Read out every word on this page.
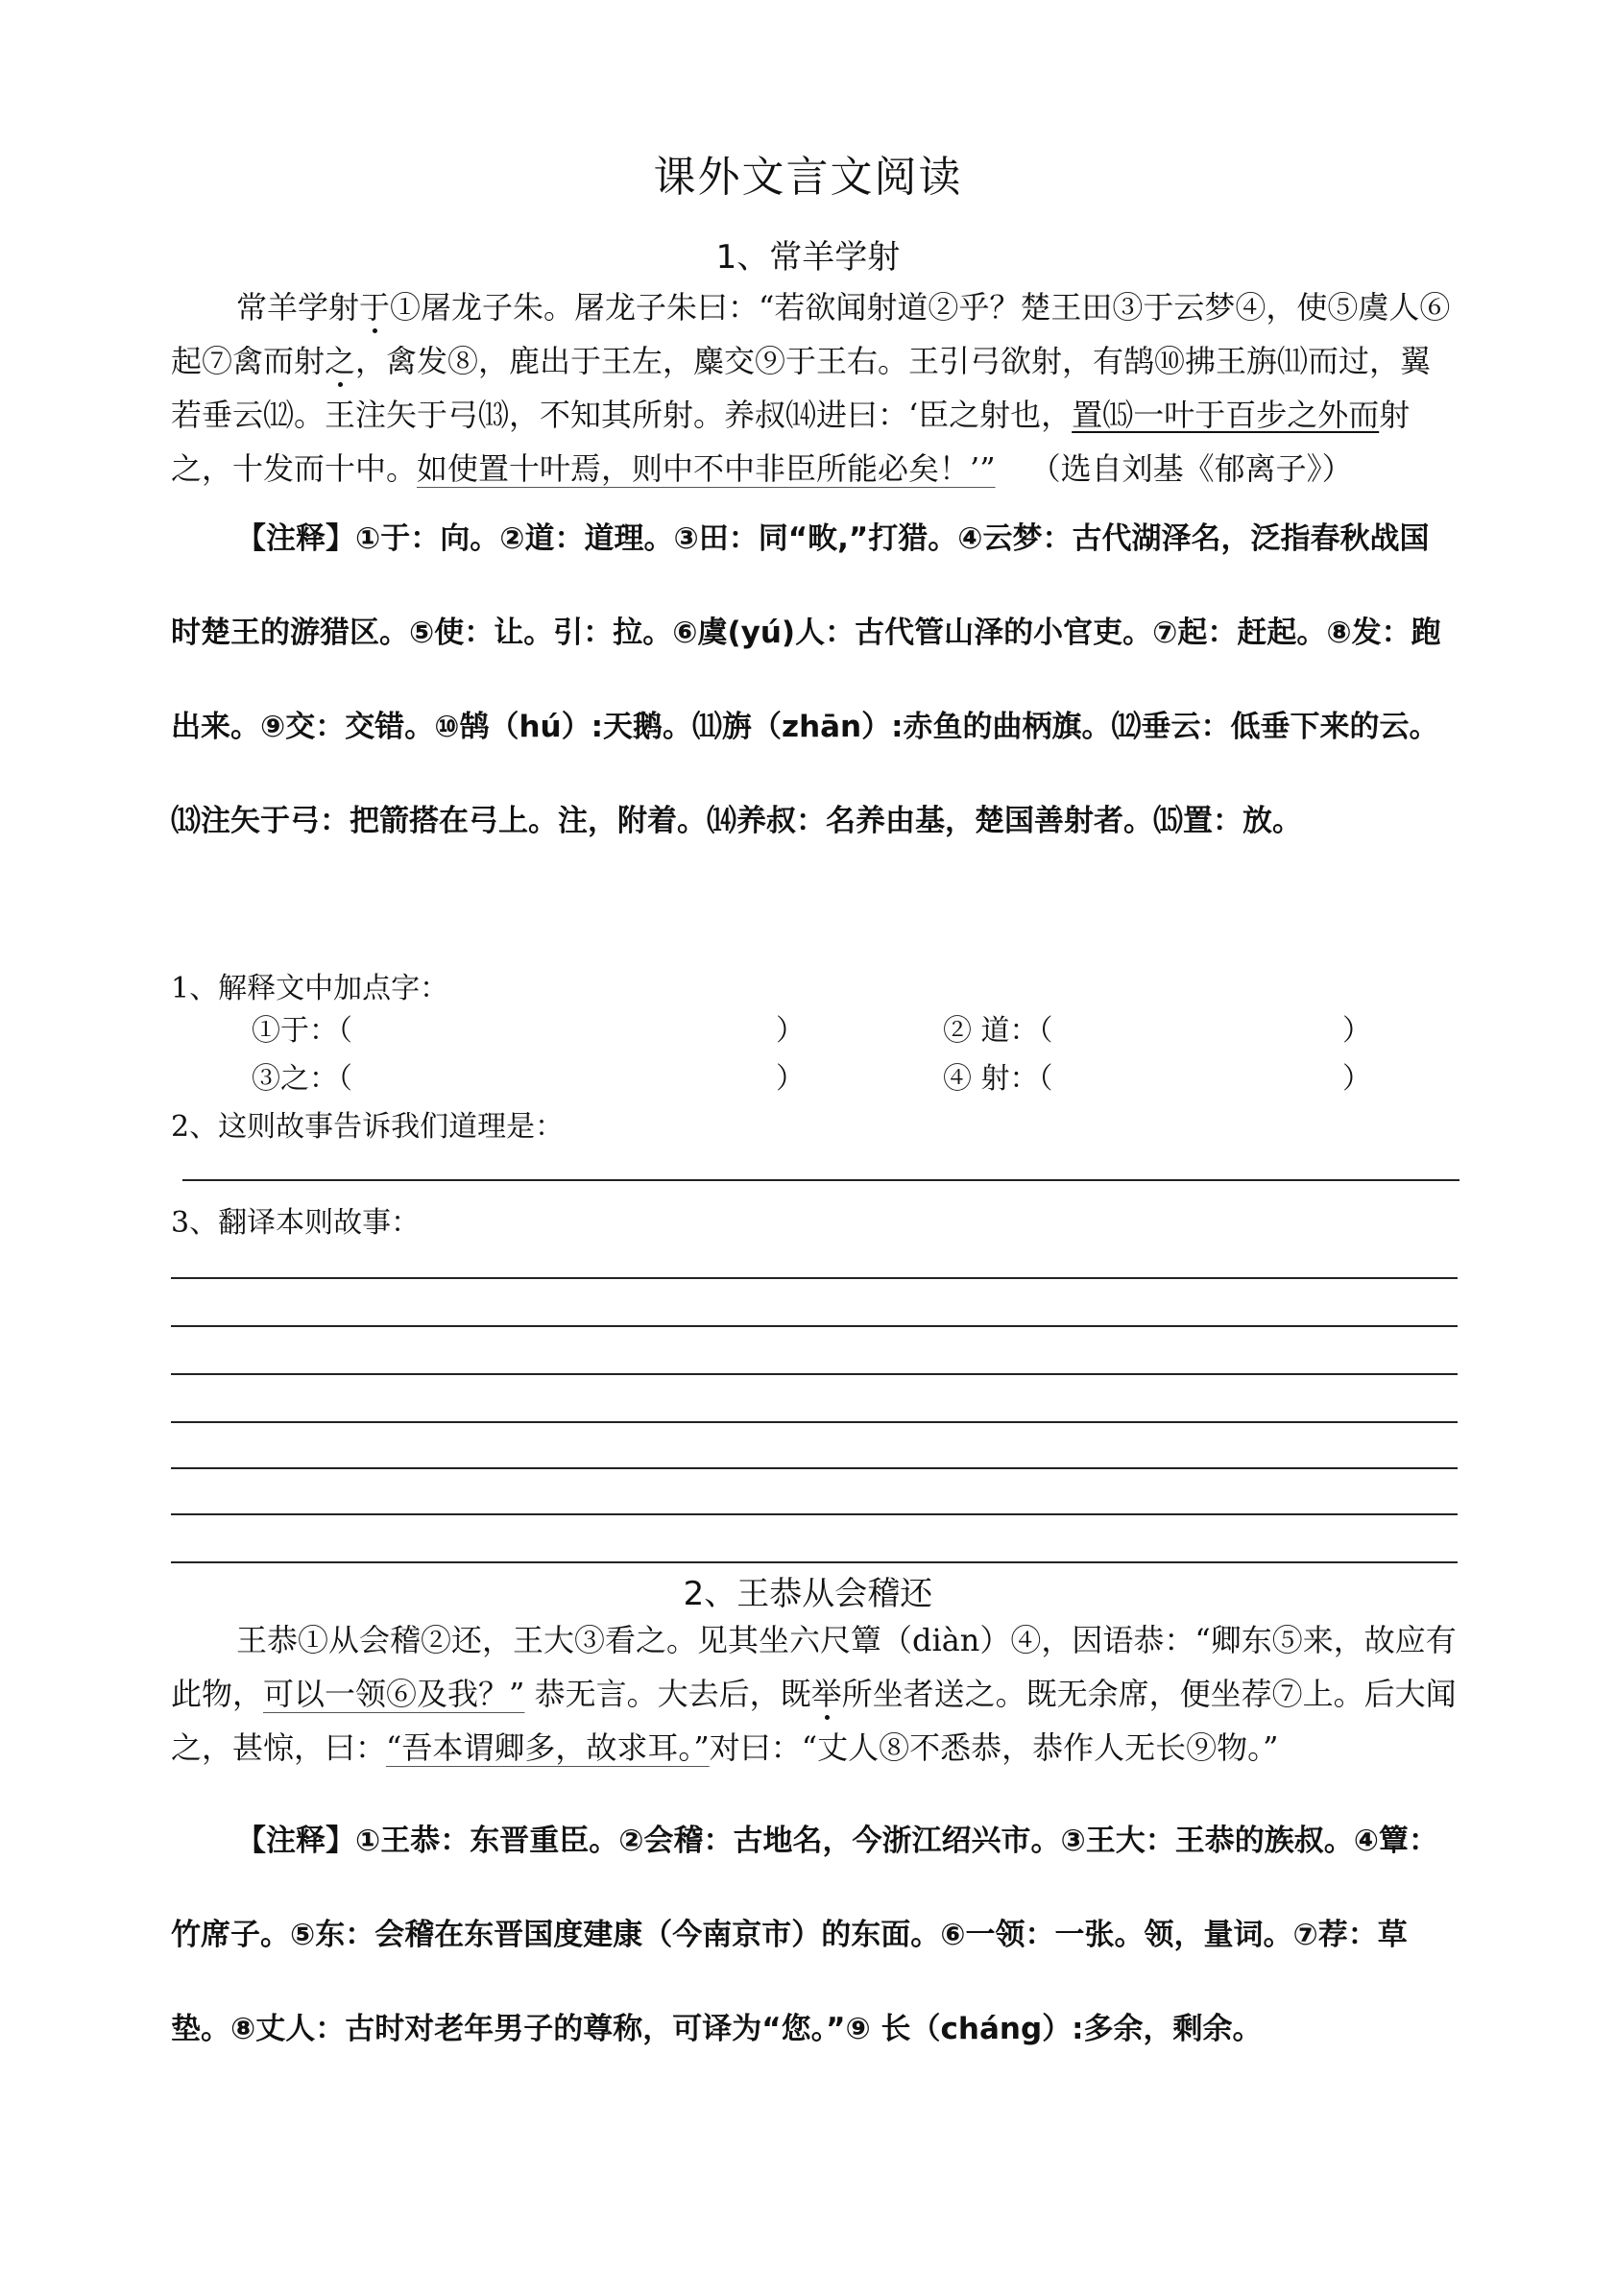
课外文言文阅读
1、常羊学射

常羊学射于①屠龙子朱。屠龙子朱曰：“若欲闻射道②乎？楚王田③于云梦④，使⑤虞人⑥起⑦禽而射之，禽发⑧，鹿出于王左，麋交⑨于王右。王引弓欲射，有鹄⑩拂王旃⑾而过，翼若垂云⑿。王注矢于弓⒀，不知其所射。养叔⒁进曰：‘臣之射也，置⒂一叶于百步之外而射之，十发而十中。如使置十叶焉，则中不中非臣所能必矣！’” （选自刘基《郁离子》）

【注释】①于：向。②道：道理。③田：同“畋,”打猎。④云梦：古代湖泽名，泛指春秋战国时楚王的游猎区。⑤使：让。引：拉。⑥虞(yú)人：古代管山泽的小官吏。⑦起：赶起。⑧发：跑出来。⑨交：交错。⑩鹄（hú）:天鹅。⑾旃（zhān）:赤鱼的曲柄旗。⑿垂云：低垂下来的云。⒀注矢于弓：把箭搭在弓上。注，附着。⒁养叔：名养由基，楚国善射者。⒂置：放。

1、解释文中加点字：
①于：（	）	② 道：（	）
③之：（	）	④ 射：（	）
2、这则故事告诉我们道理是：
3、翻译本则故事：
2、王恭从会稽还

王恭①从会稽②还，王大③看之。见其坐六尺簟（diàn）④，因语恭：“卿东⑤来，故应有此物，可以一领⑥及我？” 恭无言。大去后，既举所坐者送之。既无余席，便坐荐⑦上。后大闻之，甚惊，曰：“吾本谓卿多，故求耳。”对曰：“丈人⑧不悉恭，恭作人无长⑨物。”

【注释】①王恭：东晋重臣。②会稽：古地名，今浙江绍兴市。③王大：王恭的族叔。④簟：竹席子。⑤东：会稽在东晋国度建康（今南京市）的东面。⑥一领：一张。领，量词。⑦荐：草垫。⑧丈人：古时对老年男子的尊称，可译为“您。”⑨ 长（cháng）:多余，剩余。
